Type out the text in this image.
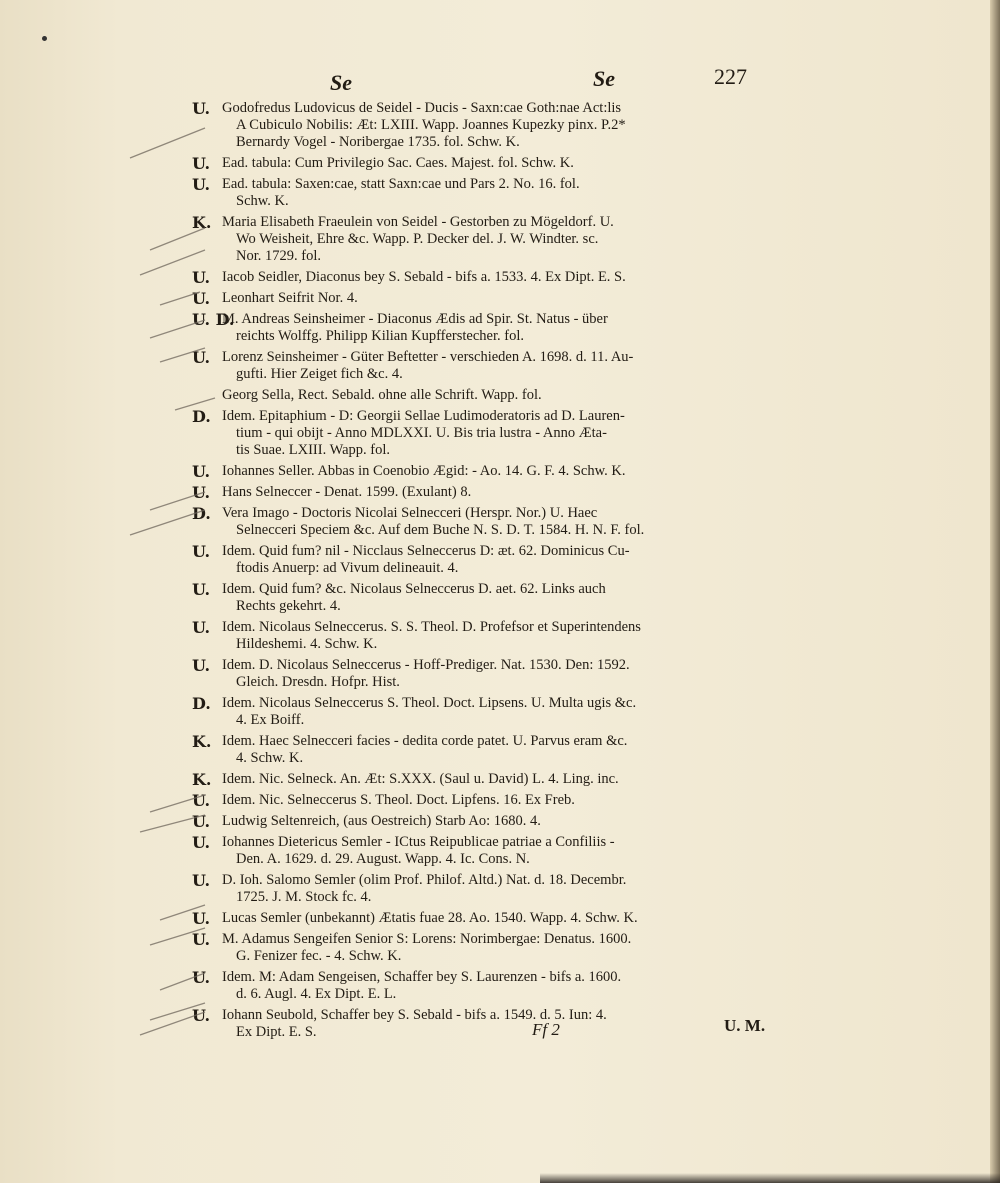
Se	Se	227
U. Godofredus Ludovicus de Seidel - Ducis - Saxn:cae Goth:nae Act:lis
A Cubiculo Nobilis: Æt: LXIII. Wapp. Joannes Kupezky pinx. P.2*
Bernardy Vogel - Noribergae 1735. fol. Schw. K.
U. Ead. tabula: Cum Privilegio Sac. Caes. Majest. fol. Schw. K.
U. Ead. tabula: Saxen:cae, statt Saxn:cae und Pars 2. No. 16. fol.
Schw. K.
K. Maria Elisabeth Fraeulein von Seidel - Gestorben zu Mögeldorf. U.
Wo Weisheit, Ehre &c. Wapp. P. Decker del. J. W. Windter. sc.
Nor. 1729. fol.
U. Iacob Seidler, Diaconus bey S. Sebald - bifs a. 1533. 4. Ex Dipt. E. S.
U. Leonhart Seifrit Nor. 4.
U. D.
M. Andreas Seinsheimer - Diaconus Ædis ad Spir. St. Natus - über
reichts Wolffg. Philipp Kilian Kupfferstecher. fol.
U. Lorenz Seinsheimer - Güter Beftetter - verschieden A. 1698. d. 11. Au-
gufti. Hier Zeiget fich &c. 4.
Georg Sella, Rect. Sebald. ohne alle Schrift. Wapp. fol.
D. Idem. Epitaphium - D: Georgii Sellae Ludimoderatoris ad D. Lauren-
tium - qui obijt - Anno MDLXXI. U. Bis tria lustra - Anno Æta-
tis Suae. LXIII. Wapp. fol.
U. Iohannes Seller. Abbas in Coenobio Ægid: - Ao. 14. G. F. 4. Schw. K.
U. Hans Selneccer - Denat. 1599. (Exulant) 8.
D. Vera Imago - Doctoris Nicolai Selnecceri (Herspr. Nor.) U. Haec
Selnecceri Speciem &c. Auf dem Buche N. S. D. T. 1584. H. N. F. fol.
U. Idem. Quid fum? nil - Nicclaus Selneccerus D: æt. 62. Dominicus Cu-
ftodis Anuerp: ad Vivum delineauit. 4.
U. Idem. Quid fum? &c. Nicolaus Selneccerus D. aet. 62. Links auch
Rechts gekehrt. 4.
U. Idem. Nicolaus Selneccerus. S. S. Theol. D. Profefsor et Superintendens
Hildeshemi. 4. Schw. K.
U. Idem. D. Nicolaus Selneccerus - Hoff-Prediger. Nat. 1530. Den: 1592.
Gleich. Dresdn. Hofpr. Hist.
D. Idem. Nicolaus Selneccerus S. Theol. Doct. Lipsens. U. Multa ugis &c.
4. Ex Boiff.
K. Idem. Haec Selnecceri facies - dedita corde patet. U. Parvus eram &c.
4. Schw. K.
K. Idem. Nic. Selneck. An. Æt: S.XXX. (Saul u. David) L. 4. Ling. inc.
U. Idem. Nic. Selneccerus S. Theol. Doct. Lipfens. 16. Ex Freb.
U. Ludwig Seltenreich, (aus Oestreich) Starb Ao: 1680. 4.
U. Iohannes Dietericus Semler - ICtus Reipublicae patriae a Confiliis -
Den. A. 1629. d. 29. August. Wapp. 4. Ic. Cons. N.
U. D. Ioh. Salomo Semler (olim Prof. Philof. Altd.) Nat. d. 18. Decembr.
1725. J. M. Stock fc. 4.
U. Lucas Semler (unbekannt) Ætatis fuae 28. Ao. 1540. Wapp. 4. Schw. K.
U. M. Adamus Sengeifen Senior S: Lorens: Norimbergae: Denatus. 1600.
G. Fenizer fec. - 4. Schw. K.
U. Idem. M: Adam Sengeisen, Schaffer bey S. Laurenzen - bifs a. 1600.
d. 6. Augl. 4. Ex Dipt. E. L.
U. Iohann Seubold, Schaffer bey S. Sebald - bifs a. 1549. d. 5. Iun: 4.
Ex Dipt. E. S.	Ff 2	U. M.
